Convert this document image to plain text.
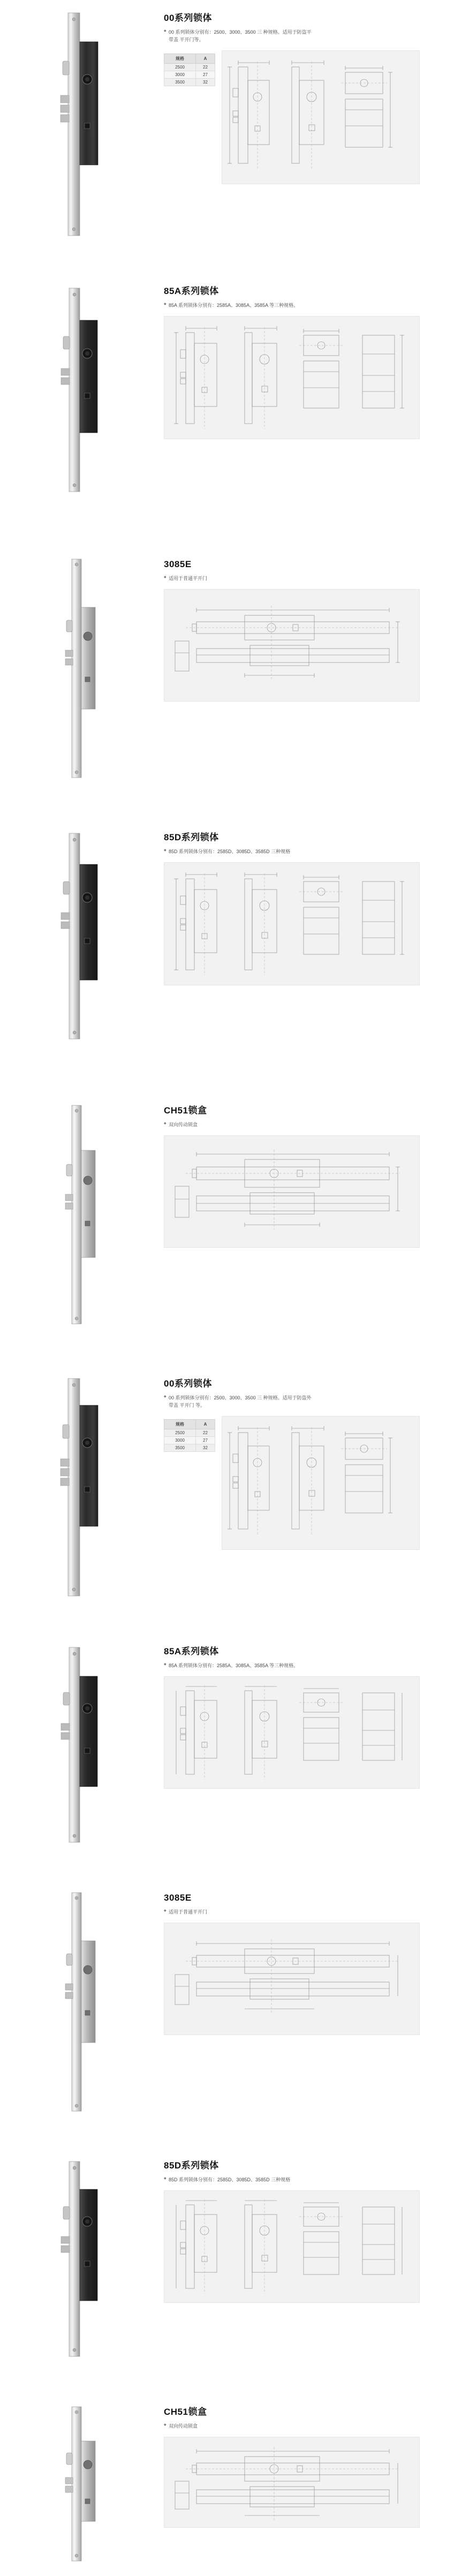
00系列锁体

◆ 00 系列锁体分别有：2500、3000、3500 三 种规格。适用于防盗平 带盖 平开门等。

规格	A
2500	22
3000	27
3500	32
85A系列锁体

◆ 85A 系列锁体分别有：2585A、3085A、3585A 等三种规格。

3085E

◆ 适用于普通平开门

85D系列锁体

◆ 85D 系列锁体分别有：2585D、3085D、3585D 三种规格

CH51锁盒

◆ 双向传动锁盒

00系列锁体

◆ 00 系列锁体分别有：2500、3000、3500 三 种规格。适用于防盗外 带盖 平开门 等。

规格	A
2500	22
3000	27
3500	32
85A系列锁体

◆ 85A 系列锁体分别有：2585A、3085A、3585A 等三种规格。

3085E

◆ 适用于普通平开门

85D系列锁体

◆ 85D 系列锁体分别有：2585D、3085D、3585D 三种规格

CH51锁盒

◆ 双向传动锁盒
